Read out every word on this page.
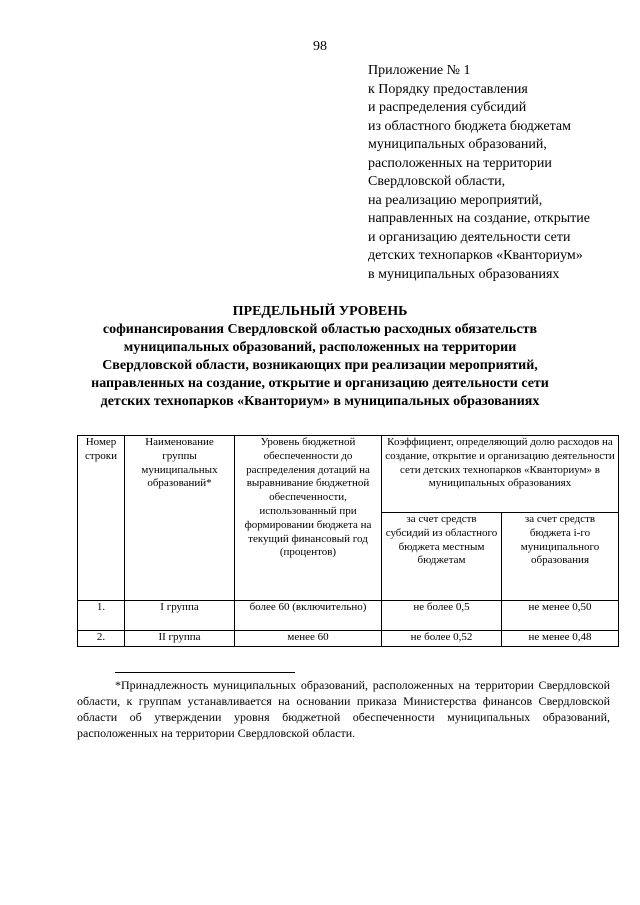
98
Приложение № 1
к Порядку предоставления
и распределения субсидий
из областного бюджета бюджетам
муниципальных образований,
расположенных на территории
Свердловской области,
на реализацию мероприятий,
направленных на создание, открытие
и организацию деятельности сети
детских технопарков «Кванториум»
в муниципальных образованиях
ПРЕДЕЛЬНЫЙ УРОВЕНЬ
софинансирования Свердловской областью расходных обязательств
муниципальных образований, расположенных на территории
Свердловской области, возникающих при реализации мероприятий,
направленных на создание, открытие и организацию деятельности сети
детских технопарков «Кванториум» в муниципальных образованиях
Номер строки	Наименование группы муниципальных образований*	Уровень бюджетной обеспеченности до распределения дотаций на выравнивание бюджетной обеспеченности, использованный при формировании бюджета на текущий финансовый год (процентов)	Коэффициент, определяющий долю расходов на создание, открытие и организацию деятельности сети детских технопарков «Кванториум» в муниципальных образованиях	
			за счет средств субсидий из областного бюджета местным бюджетам	за счет средств бюджета i-го муниципального образования
1.	I группа	более 60 (включительно)	не более 0,5	не менее 0,50
2.	II группа	менее 60	не более 0,52	не менее 0,48
*Принадлежность муниципальных образований, расположенных на территории Свердловской области, к группам устанавливается на основании приказа Министерства финансов Свердловской области об утверждении уровня бюджетной обеспеченности муниципальных образований, расположенных на территории Свердловской области.
